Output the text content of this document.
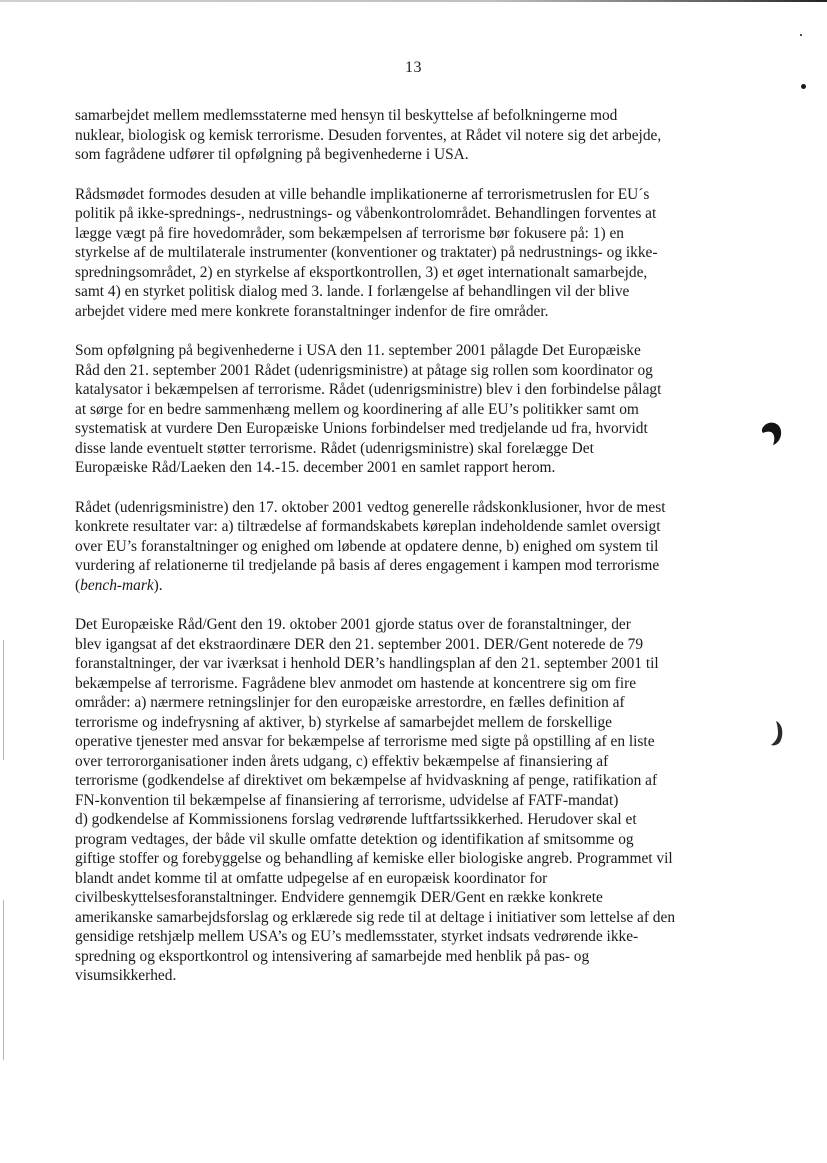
13

samarbejdet mellem medlemsstaterne med hensyn til beskyttelse af befolkningerne mod
nuklear, biologisk og kemisk terrorisme. Desuden forventes, at Rådet vil notere sig det arbejde,
som fagrådene udfører til opfølgning på begivenhederne i USA.

Rådsmødet formodes desuden at ville behandle implikationerne af terrorismetruslen for EU´s
politik på ikke-sprednings-, nedrustnings- og våbenkontrolområdet. Behandlingen forventes at
lægge vægt på fire hovedområder, som bekæmpelsen af terrorisme bør fokusere på: 1) en
styrkelse af de multilaterale instrumenter (konventioner og traktater) på nedrustnings- og ikke-
spredningsområdet, 2) en styrkelse af eksportkontrollen, 3) et øget internationalt samarbejde,
samt 4) en styrket politisk dialog med 3. lande. I forlængelse af behandlingen vil der blive
arbejdet videre med mere konkrete foranstaltninger indenfor de fire områder.

Som opfølgning på begivenhederne i USA den 11. september 2001 pålagde Det Europæiske
Råd den 21. september 2001 Rådet (udenrigsministre) at påtage sig rollen som koordinator og
katalysator i bekæmpelsen af terrorisme. Rådet (udenrigsministre) blev i den forbindelse pålagt
at sørge for en bedre sammenhæng mellem og koordinering af alle EU’s politikker samt om
systematisk at vurdere Den Europæiske Unions forbindelser med tredjelande ud fra, hvorvidt
disse lande eventuelt støtter terrorisme. Rådet (udenrigsministre) skal forelægge Det
Europæiske Råd/Laeken den 14.-15. december 2001 en samlet rapport herom.

Rådet (udenrigsministre) den 17. oktober 2001 vedtog generelle rådskonklusioner, hvor de mest
konkrete resultater var: a) tiltrædelse af formandskabets køreplan indeholdende samlet oversigt
over EU’s foranstaltninger og enighed om løbende at opdatere denne, b) enighed om system til
vurdering af relationerne til tredjelande på basis af deres engagement i kampen mod terrorisme
(bench-mark).

Det Europæiske Råd/Gent den 19. oktober 2001 gjorde status over de foranstaltninger, der
blev igangsat af det ekstraordinære DER den 21. september 2001. DER/Gent noterede de 79
foranstaltninger, der var iværksat i henhold DER’s handlingsplan af den 21. september 2001 til
bekæmpelse af terrorisme. Fagrådene blev anmodet om hastende at koncentrere sig om fire
områder: a) nærmere retningslinjer for den europæiske arrestordre, en fælles definition af
terrorisme og indefrysning af aktiver, b) styrkelse af samarbejdet mellem de forskellige
operative tjenester med ansvar for bekæmpelse af terrorisme med sigte på opstilling af en liste
over terrororganisationer inden årets udgang, c) effektiv bekæmpelse af finansiering af
terrorisme (godkendelse af direktivet om bekæmpelse af hvidvaskning af penge, ratifikation af
FN-konvention til bekæmpelse af finansiering af terrorisme, udvidelse af FATF-mandat)
d) godkendelse af Kommissionens forslag vedrørende luftfartssikkerhed. Herudover skal et
program vedtages, der både vil skulle omfatte detektion og identifikation af smitsomme og
giftige stoffer og forebyggelse og behandling af kemiske eller biologiske angreb. Programmet vil
blandt andet komme til at omfatte udpegelse af en europæisk koordinator for
civilbeskyttelsesforanstaltninger. Endvidere gennemgik DER/Gent en række konkrete
amerikanske samarbejdsforslag og erklærede sig rede til at deltage i initiativer som lettelse af den
gensidige retshjælp mellem USA’s og EU’s medlemsstater, styrket indsats vedrørende ikke-
spredning og eksportkontrol og intensivering af samarbejde med henblik på pas- og
visumsikkerhed.
